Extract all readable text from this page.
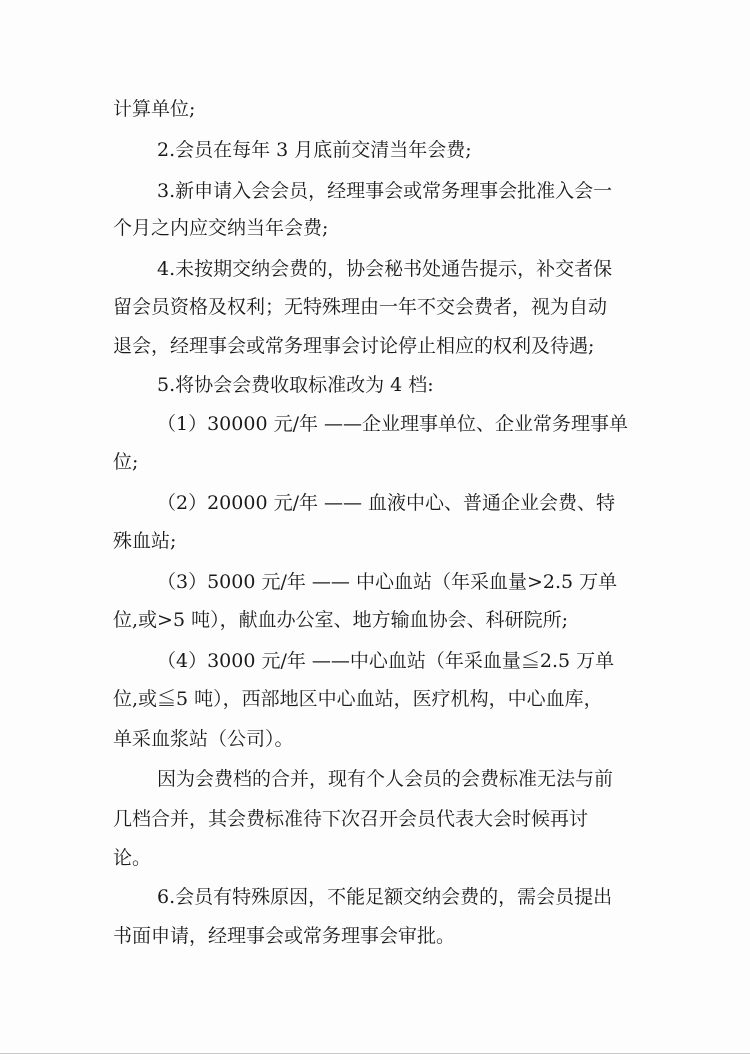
计算单位;
2.会员在每年 3 月底前交清当年会费;
3.新申请入会会员，经理事会或常务理事会批准入会一
个月之内应交纳当年会费;
4.未按期交纳会费的，协会秘书处通告提示，补交者保
留会员资格及权利；无特殊理由一年不交会费者，视为自动
退会，经理事会或常务理事会讨论停止相应的权利及待遇;
5.将协会会费收取标准改为 4 档:
（1）30000 元/年 ——企业理事单位、企业常务理事单
位;
（2）20000 元/年 —— 血液中心、普通企业会费、特
殊血站;
（3）5000 元/年 —— 中心血站（年采血量>2.5 万单
位,或>5 吨），献血办公室、地方输血协会、科研院所;
（4）3000 元/年 ——中心血站（年采血量≦2.5 万单
位,或≦5 吨），西部地区中心血站，医疗机构，中心血库，
单采血浆站（公司）。
因为会费档的合并，现有个人会员的会费标准无法与前
几档合并，其会费标准待下次召开会员代表大会时候再讨
论。
6.会员有特殊原因，不能足额交纳会费的，需会员提出
书面申请，经理事会或常务理事会审批。
